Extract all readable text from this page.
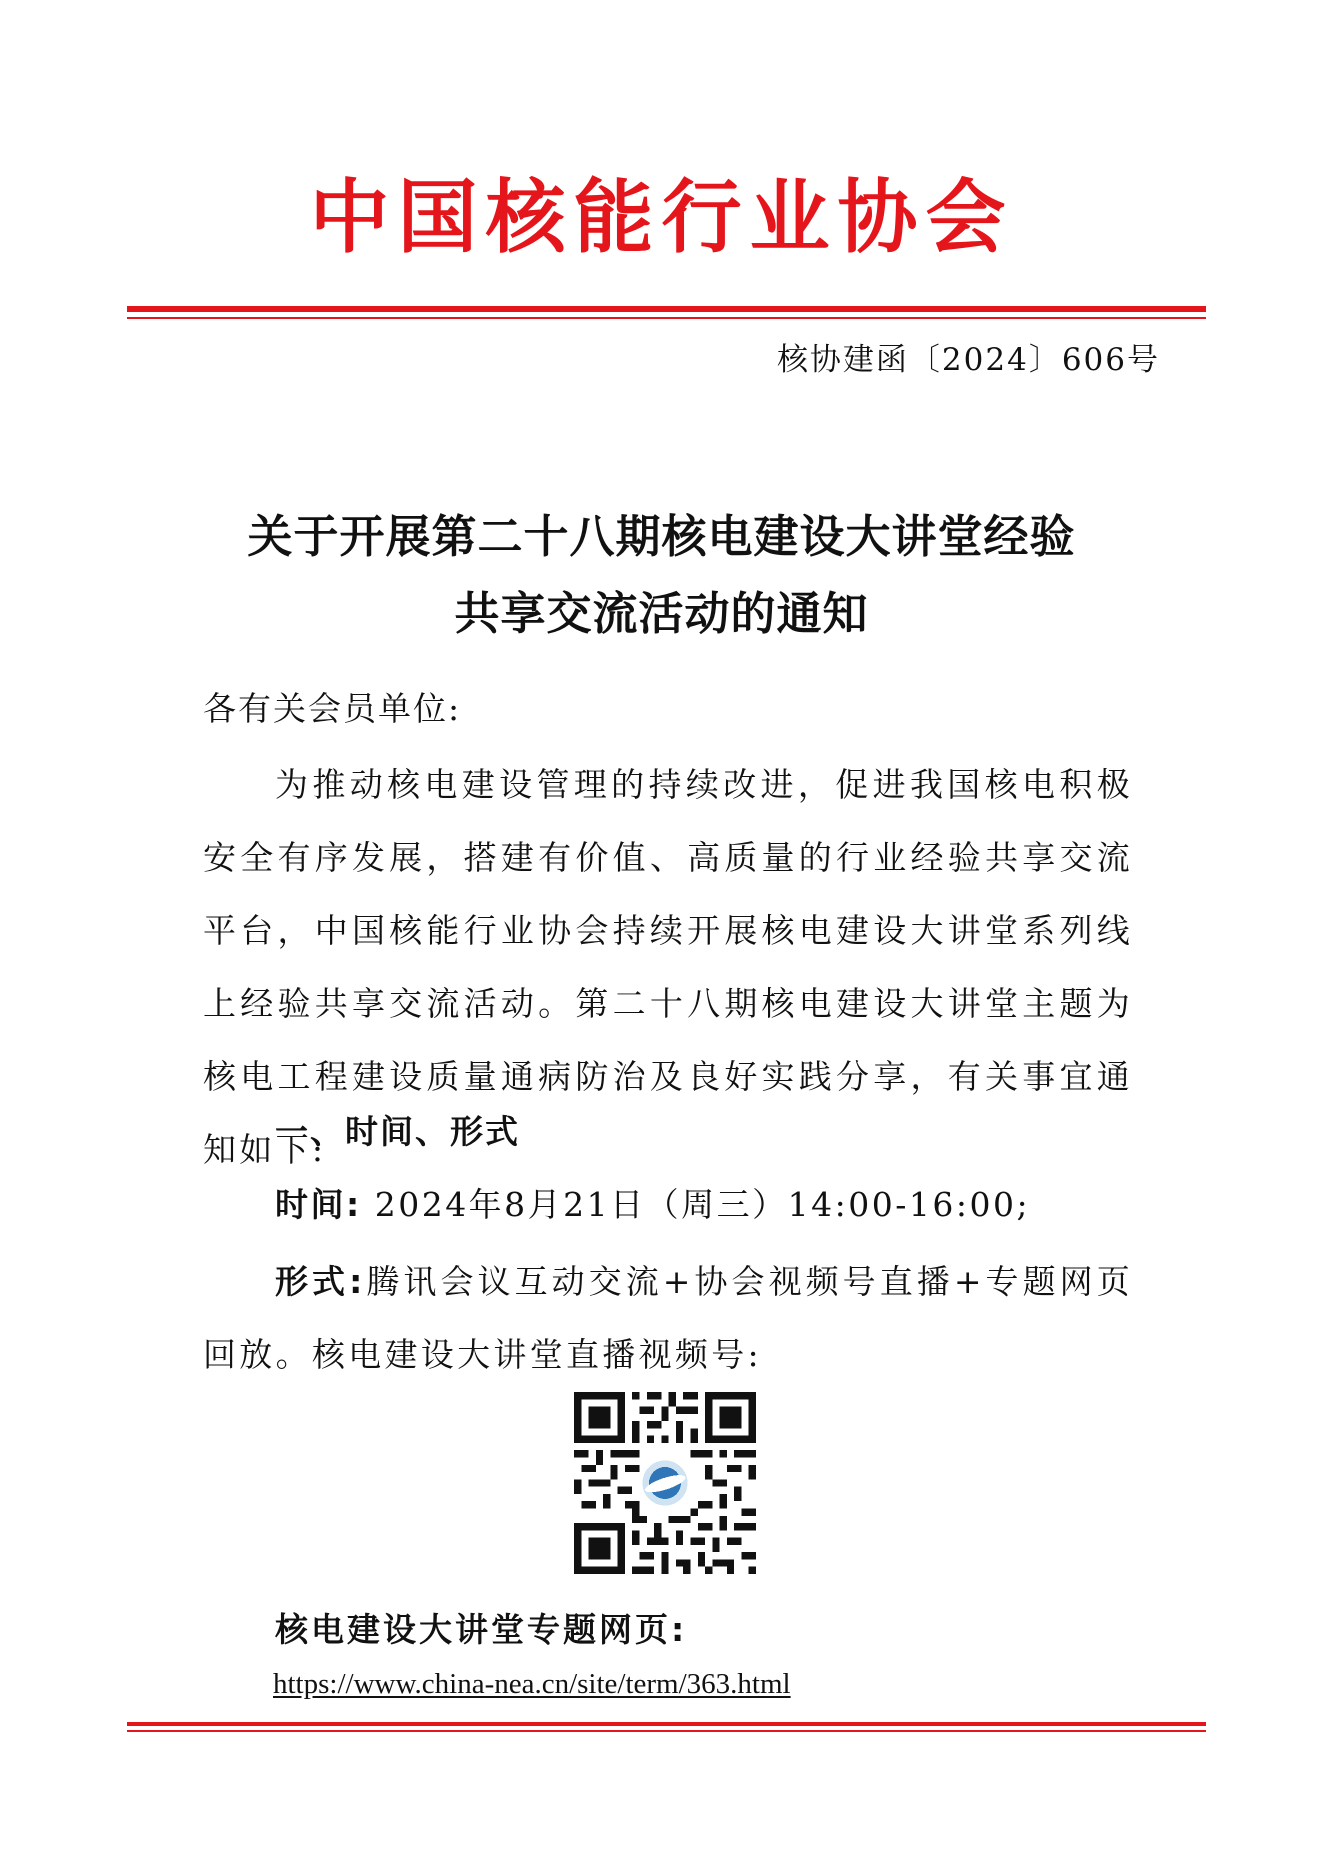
中国核能行业协会
核协建函〔2024〕606号
关于开展第二十八期核电建设大讲堂经验
共享交流活动的通知
各有关会员单位:

为推动核电建设管理的持续改进，促进我国核电积极安全有序发展，搭建有价值、高质量的行业经验共享交流平台，中国核能行业协会持续开展核电建设大讲堂系列线上经验共享交流活动。第二十八期核电建设大讲堂主题为核电工程建设质量通病防治及良好实践分享，有关事宜通知如下:

一、时间、形式
时间: 2024年8月21日（周三）14:00-16:00;

形式:腾讯会议互动交流+协会视频号直播+专题网页回放。核电建设大讲堂直播视频号:

核电建设大讲堂专题网页:
https://www.china-nea.cn/site/term/363.html
